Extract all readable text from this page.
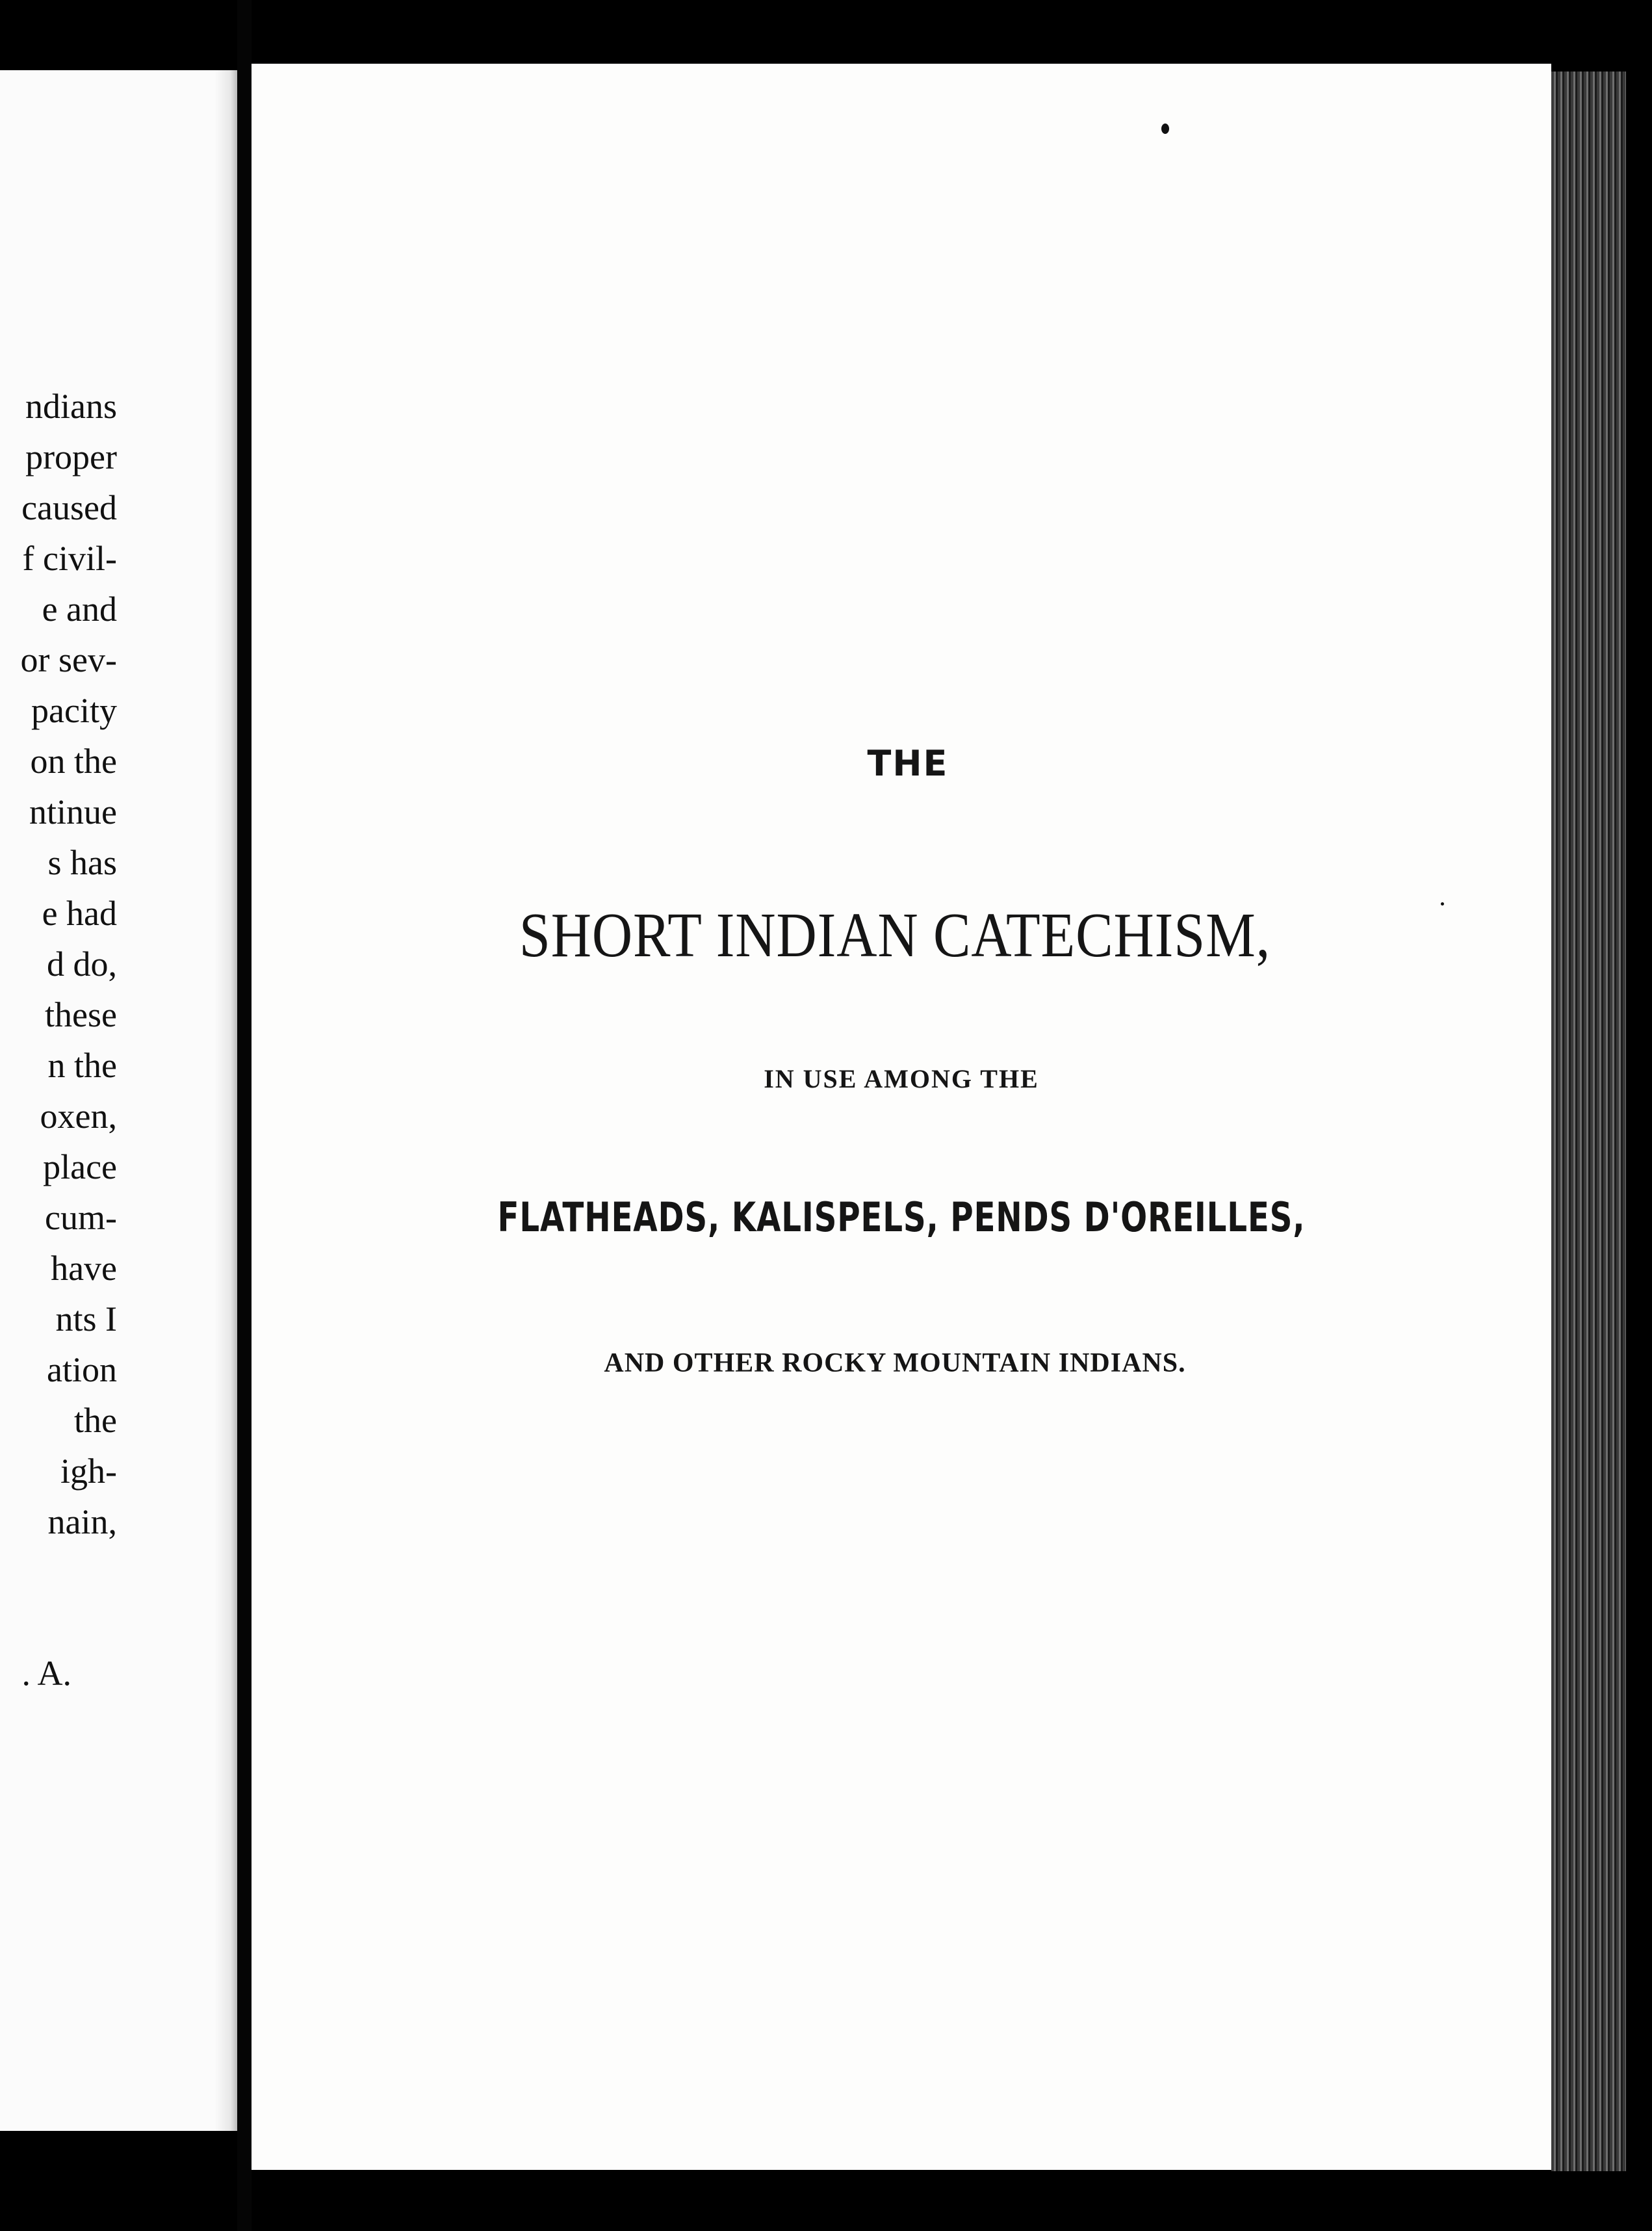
ndians
proper
caused
f civil-
e and
or sev-
pacity
on the
ntinue
s has
e had
d do,
these
n the
oxen,
place
cum-
have
nts I
ation
the
igh-
nain,
. A.
THE
SHORT INDIAN CATECHISM,
IN USE AMONG THE
FLATHEADS, KALISPELS, PENDS D'OREILLES,
AND OTHER ROCKY MOUNTAIN INDIANS.
